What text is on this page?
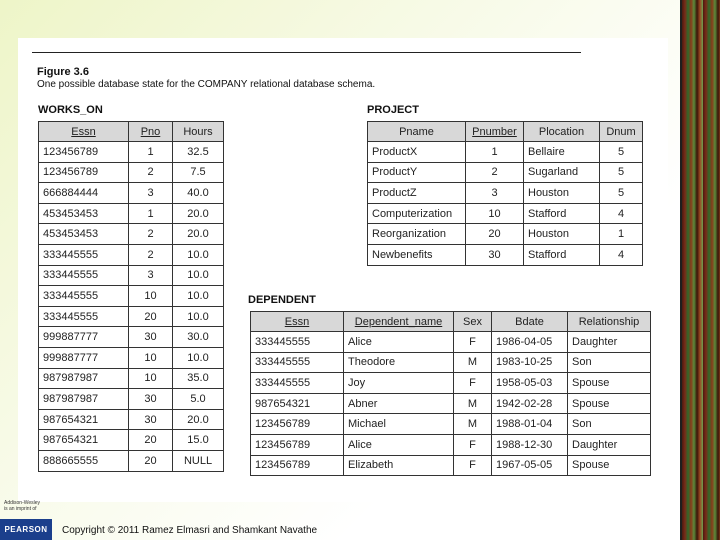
Figure 3.6
One possible database state for the COMPANY relational database schema.
WORKS_ON
Essn	Pno	Hours
123456789	1	32.5
123456789	2	7.5
666884444	3	40.0
453453453	1	20.0
453453453	2	20.0
333445555	2	10.0
333445555	3	10.0
333445555	10	10.0
333445555	20	10.0
999887777	30	30.0
999887777	10	10.0
987987987	10	35.0
987987987	30	5.0
987654321	30	20.0
987654321	20	15.0
888665555	20	NULL
PROJECT
Pname	Pnumber	Plocation	Dnum
ProductX	1	Bellaire	5
ProductY	2	Sugarland	5
ProductZ	3	Houston	5
Computerization	10	Stafford	4
Reorganization	20	Houston	1
Newbenefits	30	Stafford	4
DEPENDENT
Essn	Dependent_name	Sex	Bdate	Relationship
333445555	Alice	F	1986-04-05	Daughter
333445555	Theodore	M	1983-10-25	Son
333445555	Joy	F	1958-05-03	Spouse
987654321	Abner	M	1942-02-28	Spouse
123456789	Michael	M	1988-01-04	Son
123456789	Alice	F	1988-12-30	Daughter
123456789	Elizabeth	F	1967-05-05	Spouse
Addison-Wesley
is an imprint of
PEARSON	Copyright © 2011 Ramez Elmasri and Shamkant Navathe
